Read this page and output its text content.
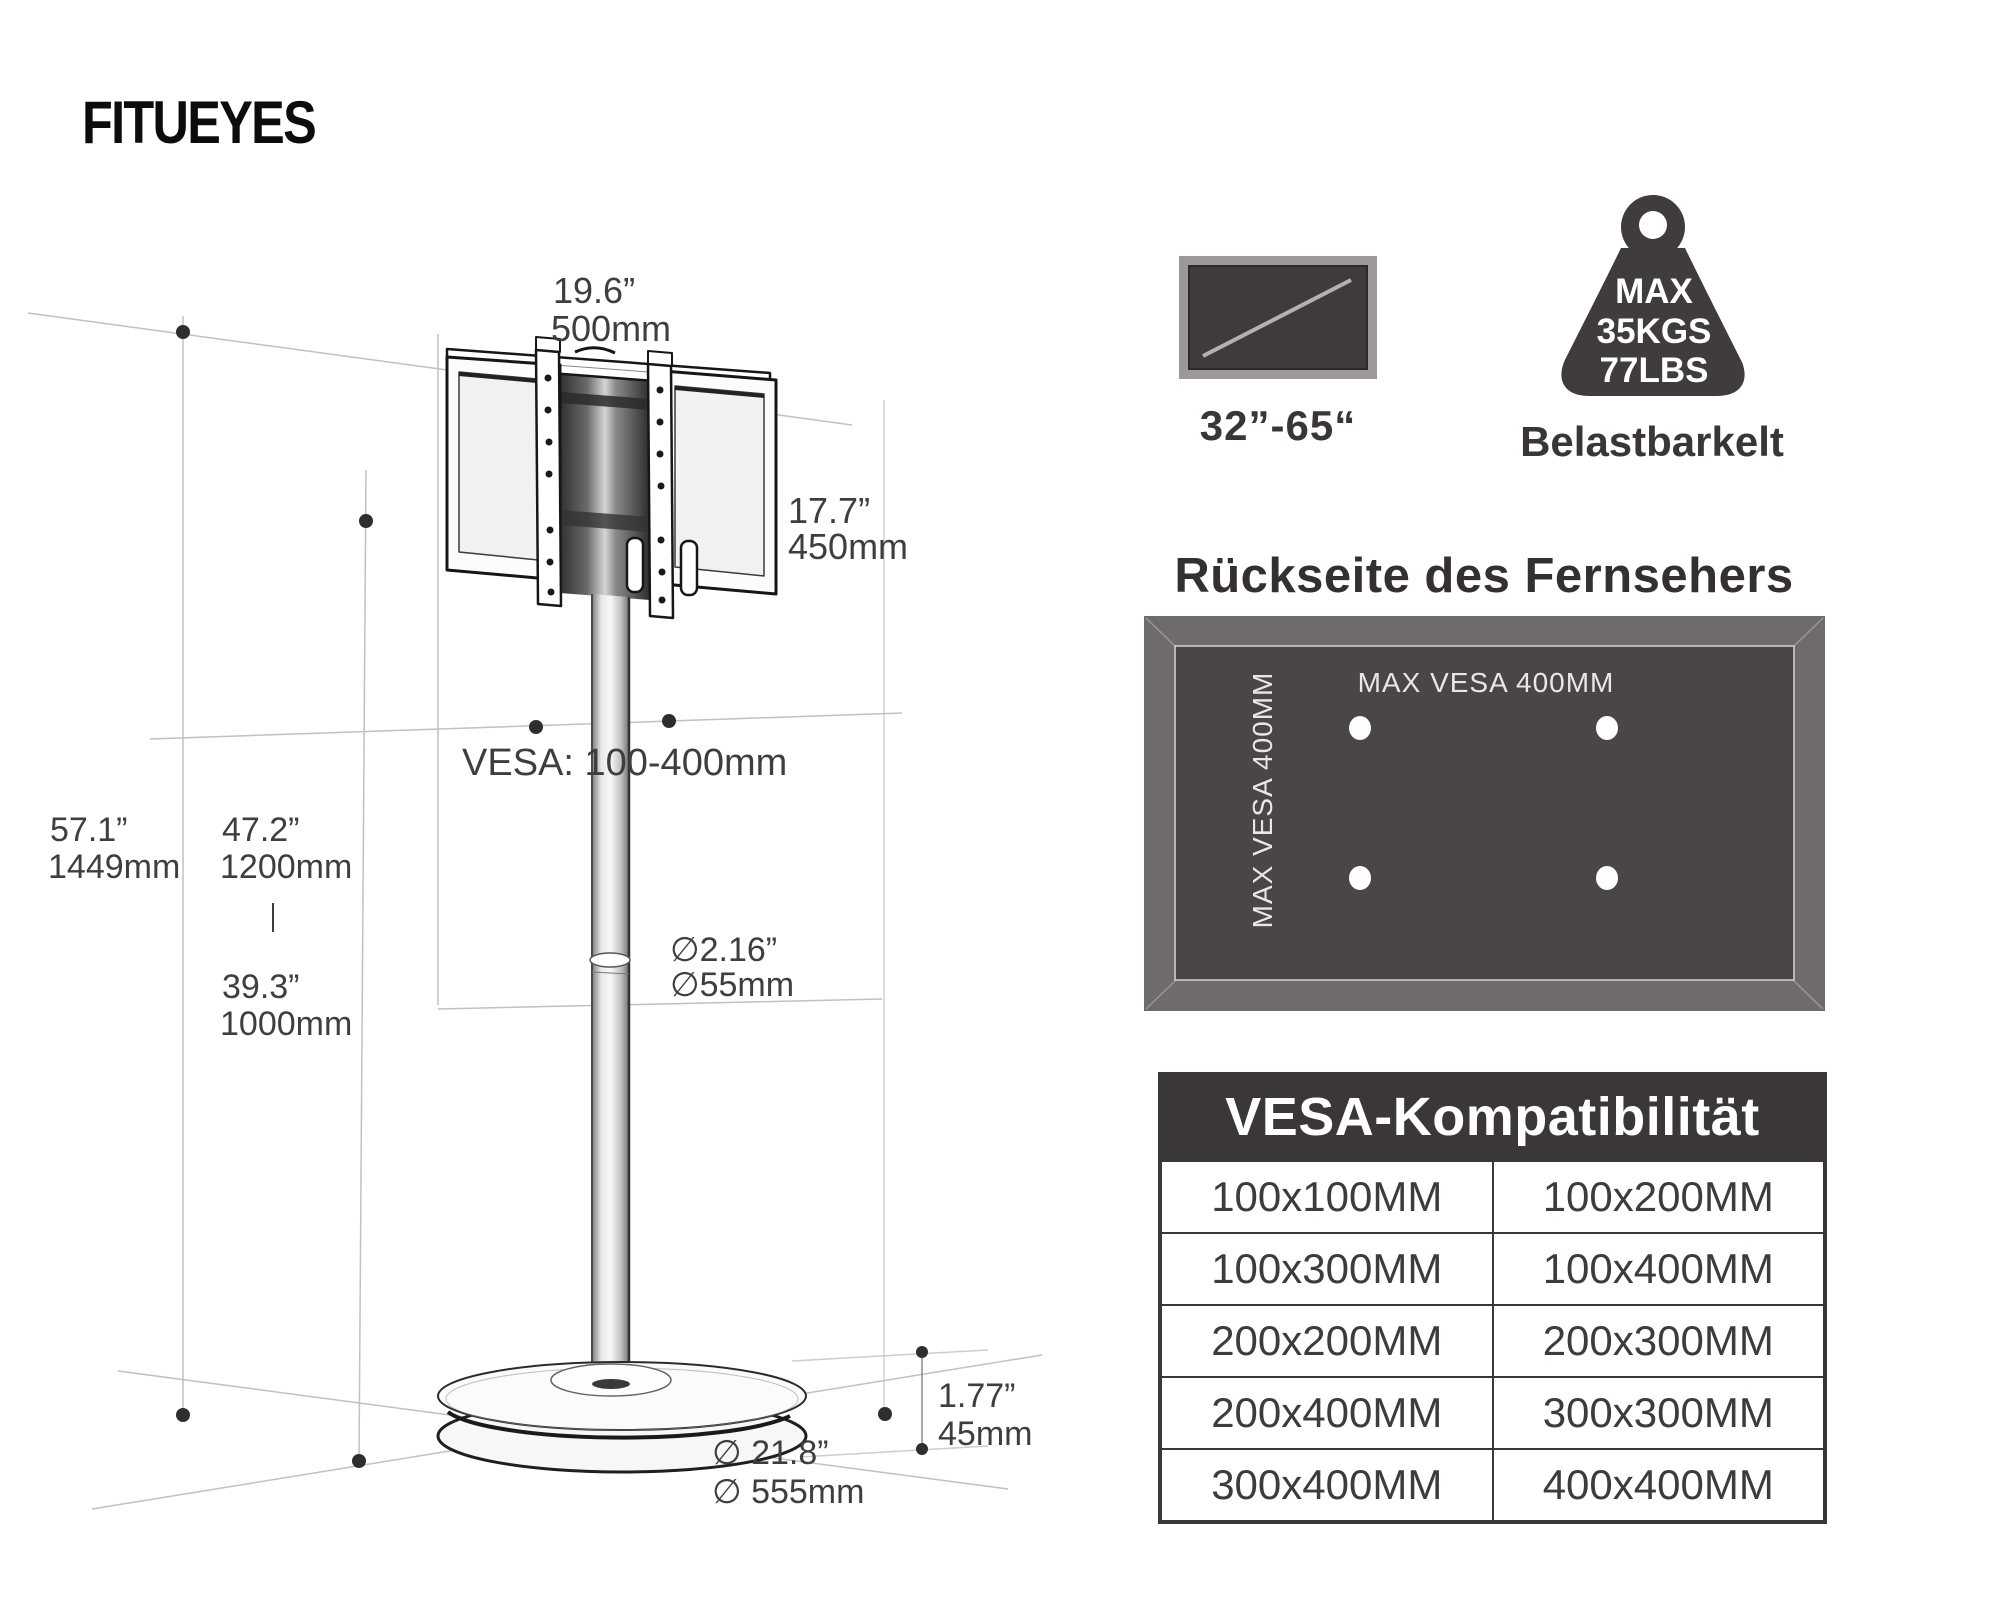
FITUEYES
19.6”
500mm
17.7”
450mm
VESA: 100-400mm
57.1”
1449mm
47.2”
1200mm
39.3”
1000mm
∅2.16”
∅55mm
∅ 21.8”
∅ 555mm
1.77”
45mm
32”-65“
MAX
35KGS
77LBS
Belastbarkelt
Rückseite des Fernsehers
MAX VESA 400MM
MAX VESA 400MM
VESA-Kompatibilität
100x100MM	100x200MM
100x300MM	100x400MM
200x200MM	200x300MM
200x400MM	300x300MM
300x400MM	400x400MM
